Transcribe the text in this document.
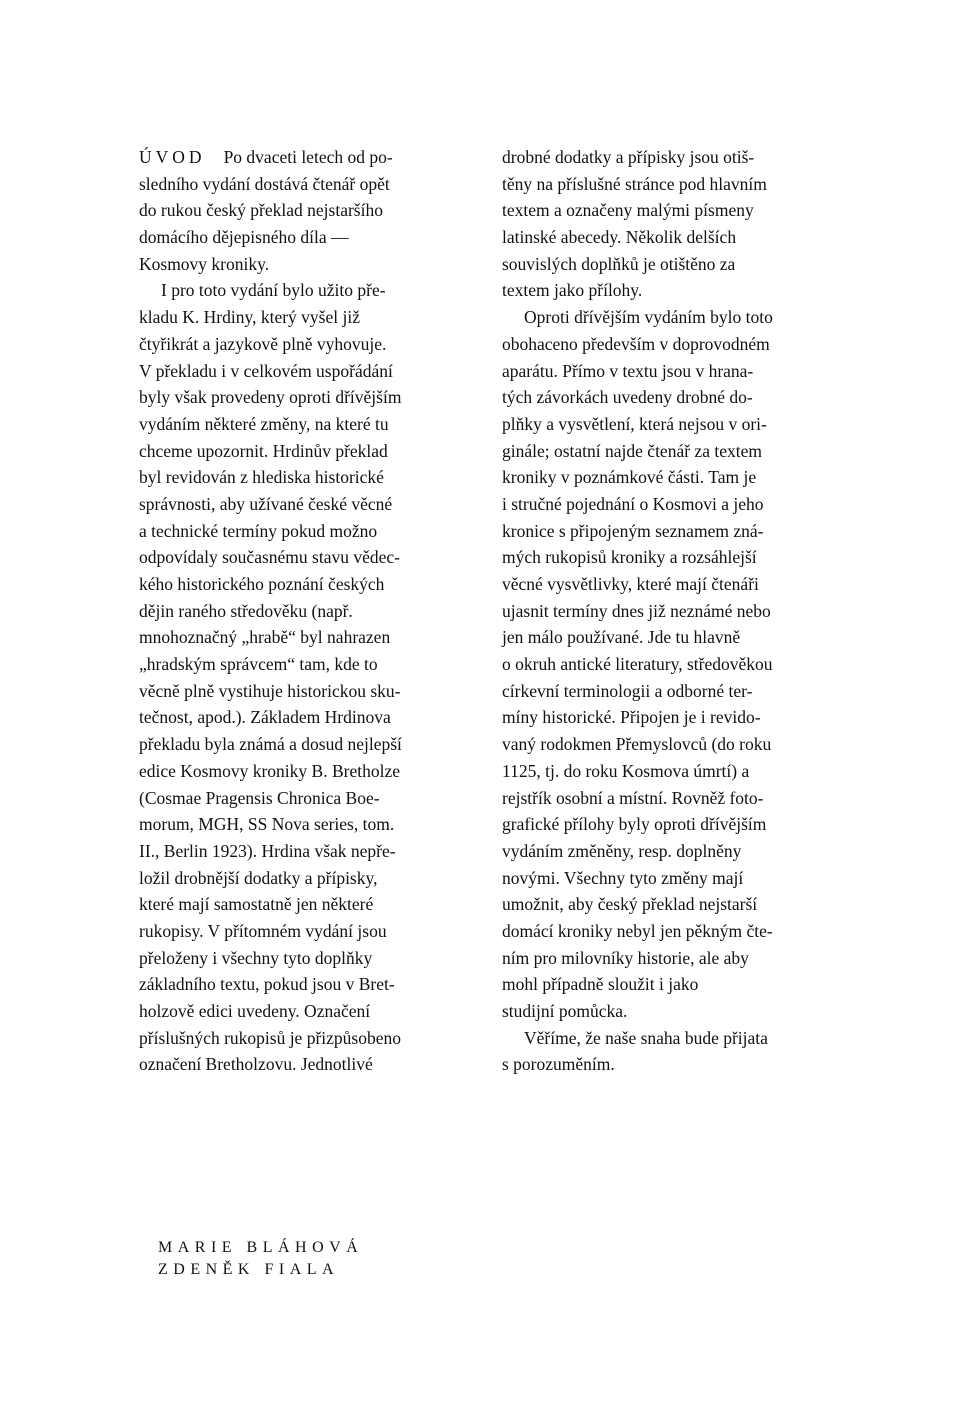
ÚVOD Po dvaceti letech od po-
sledního vydání dostává čtenář opět
do rukou český překlad nejstaršího
domácího dějepisného díla —
Kosmovy kroniky.
I pro toto vydání bylo užito pře-
kladu K. Hrdiny, který vyšel již
čtyřikrát a jazykově plně vyhovuje.
V překladu i v celkovém uspořádání
byly však provedeny oproti dřívějším
vydáním některé změny, na které tu
chceme upozornit. Hrdinův překlad
byl revidován z hlediska historické
správnosti, aby užívané české věcné
a technické termíny pokud možno
odpovídaly současnému stavu vědec-
kého historického poznání českých
dějin raného středověku (např.
mnohoznačný „hrabě“ byl nahrazen
„hradským správcem“ tam, kde to
věcně plně vystihuje historickou sku-
tečnost, apod.). Základem Hrdinova
překladu byla známá a dosud nejlepší
edice Kosmovy kroniky B. Bretholze
(Cosmae Pragensis Chronica Boe-
morum, MGH, SS Nova series, tom.
II., Berlin 1923). Hrdina však nepře-
ložil drobnější dodatky a přípisky,
které mají samostatně jen některé
rukopisy. V přítomném vydání jsou
přeloženy i všechny tyto doplňky
základního textu, pokud jsou v Bret-
holzově edici uvedeny. Označení
příslušných rukopisů je přizpůsobeno
označení Bretholzovu. Jednotlivé
drobné dodatky a přípisky jsou otiš-
těny na příslušné stránce pod hlavním
textem a označeny malými písmeny
latinské abecedy. Několik delších
souvislých doplňků je otištěno za
textem jako přílohy.
Oproti dřívějším vydáním bylo toto
obohaceno především v doprovodném
aparátu. Přímo v textu jsou v hrana-
tých závorkách uvedeny drobné do-
plňky a vysvětlení, která nejsou v ori-
ginále; ostatní najde čtenář za textem
kroniky v poznámkové části. Tam je
i stručné pojednání o Kosmovi a jeho
kronice s připojeným seznamem zná-
mých rukopisů kroniky a rozsáhlejší
věcné vysvětlivky, které mají čtenáři
ujasnit termíny dnes již neznámé nebo
jen málo používané. Jde tu hlavně
o okruh antické literatury, středověkou
církevní terminologii a odborné ter-
míny historické. Připojen je i revido-
vaný rodokmen Přemyslovců (do roku
1125, tj. do roku Kosmova úmrtí) a
rejstřík osobní a místní. Rovněž foto-
grafické přílohy byly oproti dřívějším
vydáním změněny, resp. doplněny
novými. Všechny tyto změny mají
umožnit, aby český překlad nejstarší
domácí kroniky nebyl jen pěkným čte-
ním pro milovníky historie, ale aby
mohl případně sloužit i jako
studijní pomůcka.
Věříme, že naše snaha bude přijata
s porozuměním.
MARIE BLÁHOVÁ
ZDENĚK FIALA
